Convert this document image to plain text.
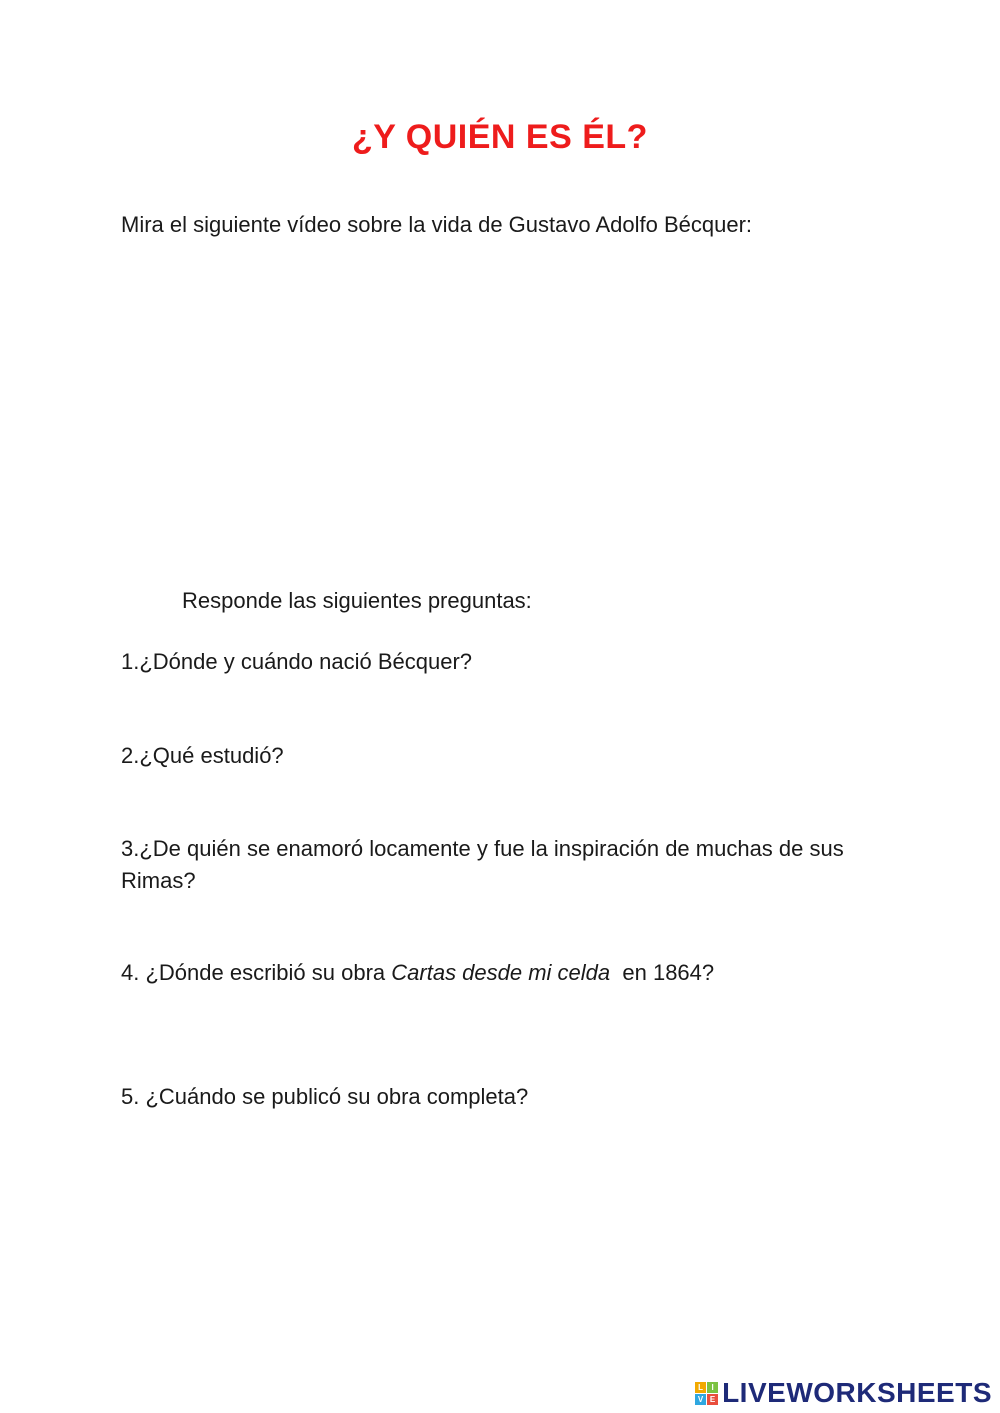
¿Y QUIÉN ES ÉL?
Mira el siguiente vídeo sobre la vida de Gustavo Adolfo Bécquer:
Responde las siguientes preguntas:
1.¿Dónde y cuándo nació Bécquer?
2.¿Qué estudió?
3.¿De quién se enamoró locamente y fue la inspiración de muchas de sus Rimas?
4. ¿Dónde escribió su obra Cartas desde mi celda  en 1864?
5. ¿Cuándo se publicó su obra completa?
L	I
V E LIVEWORKSHEETS
